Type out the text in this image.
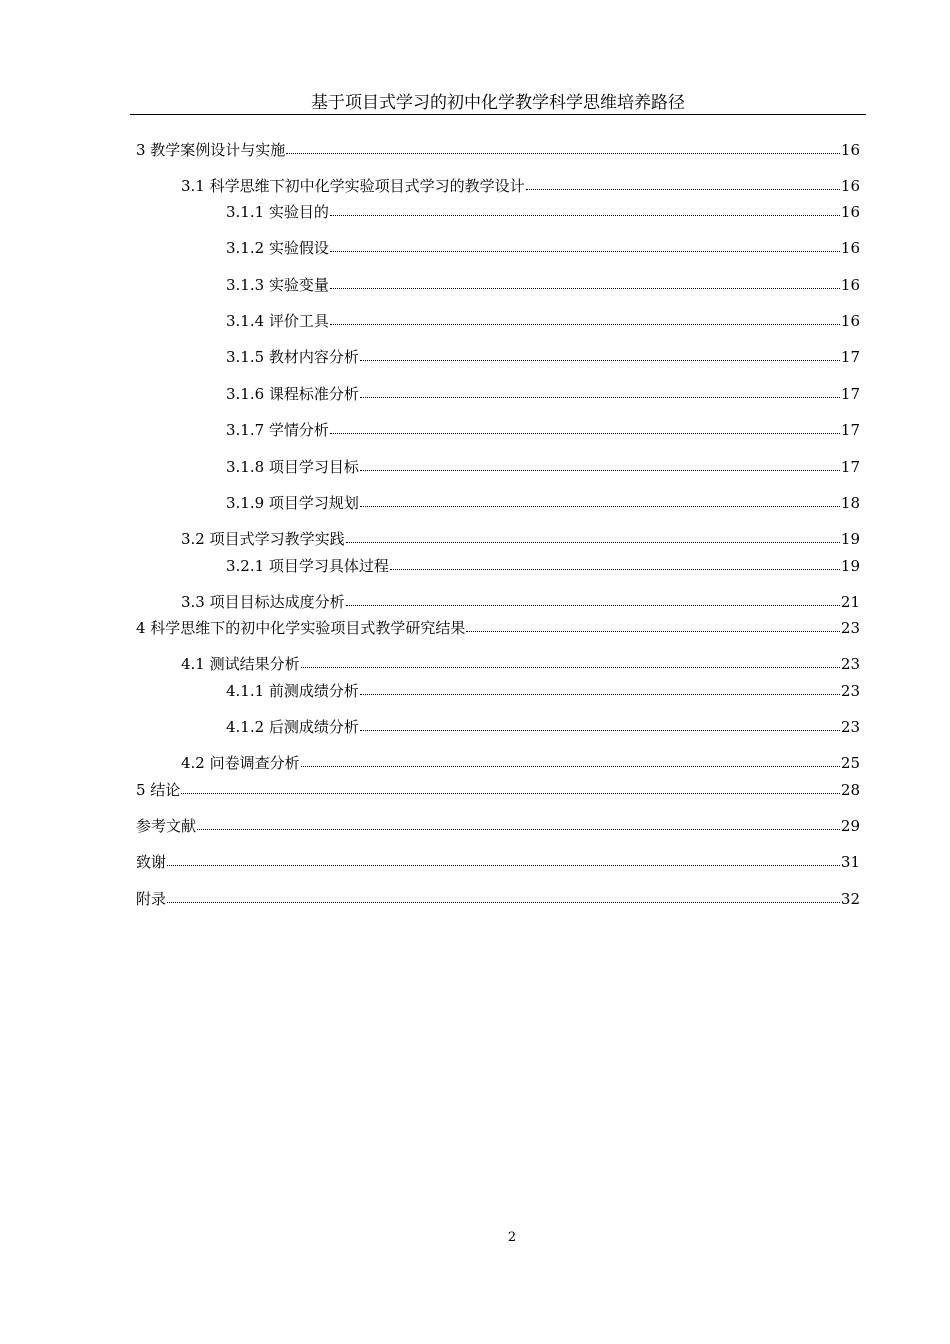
基于项目式学习的初中化学教学科学思维培养路径
3 教学案例设计与实施	16
3.1 科学思维下初中化学实验项目式学习的教学设计	16
3.1.1 实验目的	16
3.1.2 实验假设	16
3.1.3 实验变量	16
3.1.4 评价工具	16
3.1.5 教材内容分析	17
3.1.6 课程标准分析	17
3.1.7 学情分析	17
3.1.8 项目学习目标	17
3.1.9 项目学习规划	18
3.2 项目式学习教学实践	19
3.2.1 项目学习具体过程	19
3.3 项目目标达成度分析	21
4 科学思维下的初中化学实验项目式教学研究结果	23
4.1 测试结果分析	23
4.1.1 前测成绩分析	23
4.1.2 后测成绩分析	23
4.2 问卷调查分析	25
5 结论	28
参考文献	29
致谢	31
附录	32
2
